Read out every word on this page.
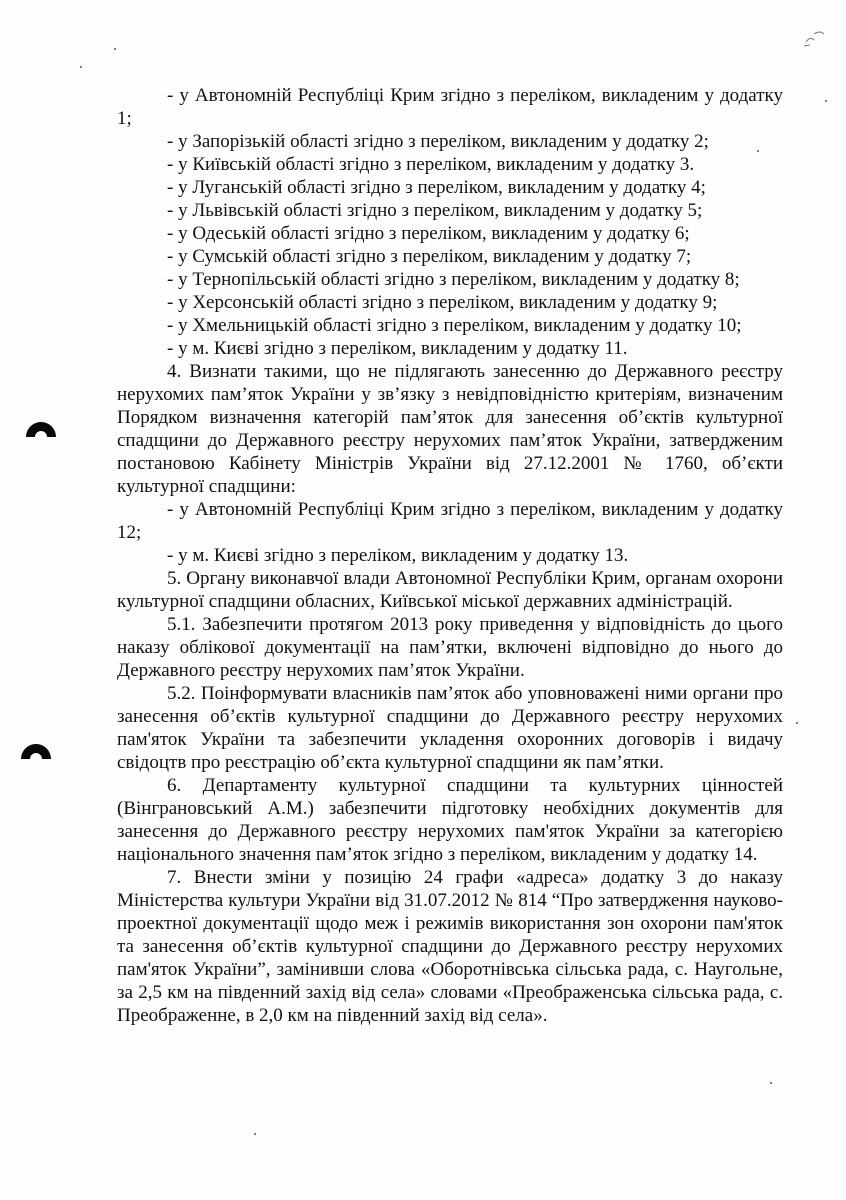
- у Автономній Республіці Крим згідно з переліком, викладеним у додатку 1;

- у Запорізькій області згідно з переліком, викладеним у додатку 2;

- у Київській області згідно з переліком, викладеним у додатку 3.

- у Луганській області згідно з переліком, викладеним у додатку 4;

- у Львівській області згідно з переліком, викладеним у додатку 5;

- у Одеській області згідно з переліком, викладеним у додатку 6;

- у Сумській області згідно з переліком, викладеним у додатку 7;

- у Тернопільській області згідно з переліком, викладеним у додатку 8;

- у Херсонській області згідно з переліком, викладеним у додатку 9;

- у Хмельницькій області згідно з переліком, викладеним у додатку 10;

- у м. Києві згідно з переліком, викладеним у додатку 11.

4. Визнати такими, що не підлягають занесенню до Державного реєстру нерухомих пам’яток України у зв’язку з невідповідністю критеріям, визначеним Порядком визначення категорій пам’яток для занесення об’єктів культурної спадщини до Державного реєстру нерухомих пам’яток України, затвердженим постановою Кабінету Міністрів України від 27.12.2001 № 1760, об’єкти культурної спадщини:

- у Автономній Республіці Крим згідно з переліком, викладеним у додатку 12;

- у м. Києві згідно з переліком, викладеним у додатку 13.

5. Органу виконавчої влади Автономної Республіки Крим, органам охорони культурної спадщини обласних, Київської міської державних адміністрацій.

5.1. Забезпечити протягом 2013 року приведення у відповідність до цього наказу облікової документації на пам’ятки, включені відповідно до нього до Державного реєстру нерухомих пам’яток України.

5.2. Поінформувати власників пам’яток або уповноважені ними органи про занесення об’єктів культурної спадщини до Державного реєстру нерухомих пам'яток України та забезпечити укладення охоронних договорів і видачу свідоцтв про реєстрацію об’єкта культурної спадщини як пам’ятки.

6. Департаменту культурної спадщини та культурних цінностей (Вінграновський А.М.) забезпечити підготовку необхідних документів для занесення до Державного реєстру нерухомих пам'яток України за категорією національного значення пам’яток згідно з переліком, викладеним у додатку 14.

7. Внести зміни у позицію 24 графи «адреса» додатку 3 до наказу Міністерства культури України від 31.07.2012 № 814 “Про затвердження науково-проектної документації щодо меж і режимів використання зон охорони пам'яток та занесення об’єктів культурної спадщини до Державного реєстру нерухомих пам'яток України”, замінивши слова «Оборотнівська сільська рада, с. Наугольне, за 2,5 км на південний захід від села» словами «Преображенська сільська рада, с. Преображенне, в 2,0 км на південний захід від села».
